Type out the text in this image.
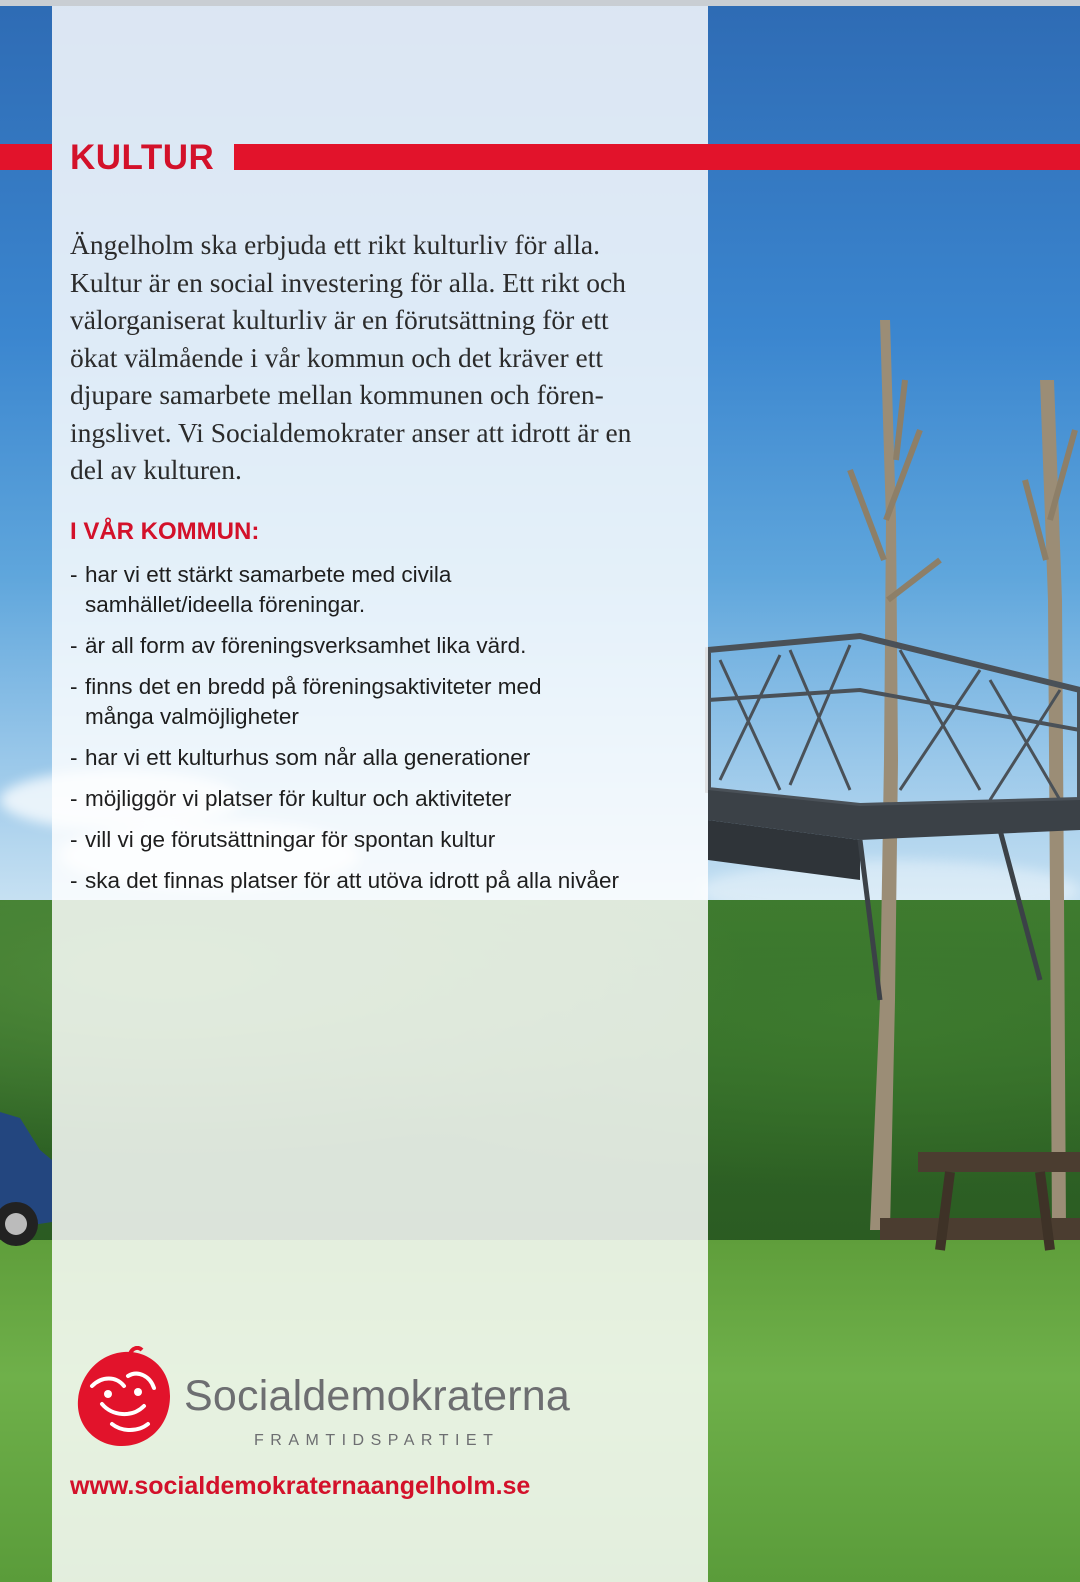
KULTUR

Ängelholm ska erbjuda ett rikt kulturliv för alla.
Kultur är en social investering för alla. Ett rikt och
välorganiserat kulturliv är en förutsättning för ett
ökat välmående i vår kommun och det kräver ett
djupare samarbete mellan kommunen och fören-
ingslivet. Vi Socialdemokrater anser att idrott är en
del av kulturen.

I VÅR KOMMUN:
- har vi ett stärkt samarbete med civila
samhället/ideella föreningar.
- är all form av föreningsverksamhet lika värd.
- finns det en bredd på föreningsaktiviteter med
många valmöjligheter
- har vi ett kulturhus som når alla generationer
- möjliggör vi platser för kultur och aktiviteter
- vill vi ge förutsättningar för spontan kultur
- ska det finnas platser för att utöva idrott på alla nivåer

Socialdemokraterna

FRAMTIDSPARTIET

www.socialdemokraternaangelholm.se
